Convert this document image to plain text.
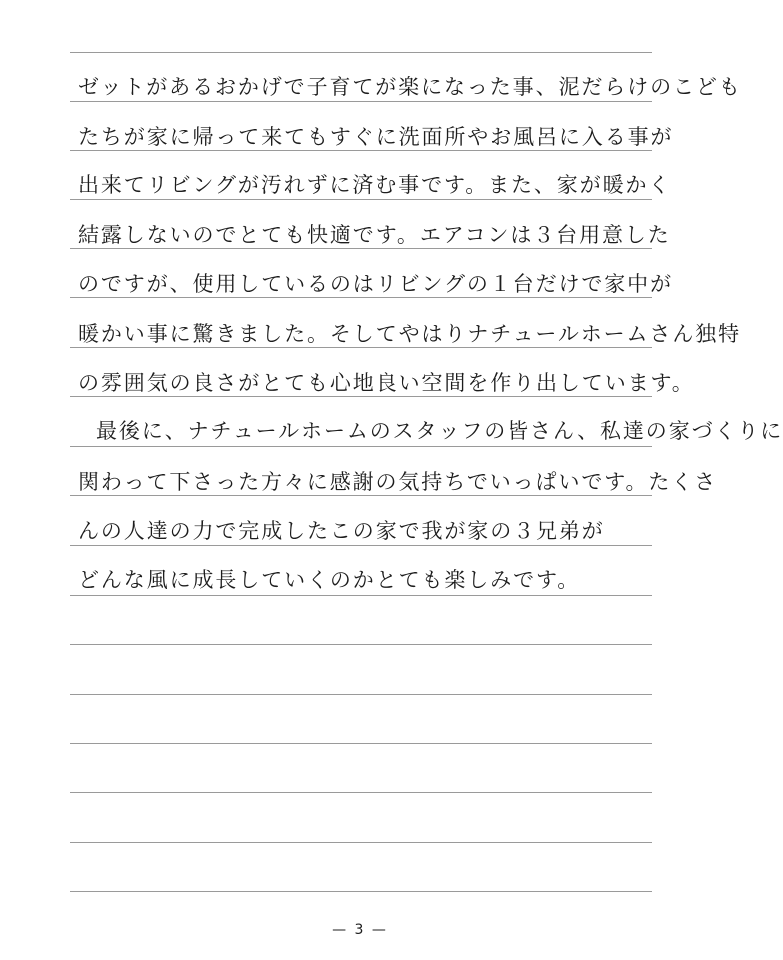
ゼットがあるおかげで子育てが楽になった事、泥だらけのこども
たちが家に帰って来てもすぐに洗面所やお風呂に入る事が
出来てリビングが汚れずに済む事です。また、家が暖かく
結露しないのでとても快適です。エアコンは３台用意した
のですが、使用しているのはリビングの１台だけで家中が
暖かい事に驚きました。そしてやはりナチュールホームさん独特
の雰囲気の良さがとても心地良い空間を作り出しています。
最後に、ナチュールホームのスタッフの皆さん、私達の家づくりに
関わって下さった方々に感謝の気持ちでいっぱいです。たくさ
んの人達の力で完成したこの家で我が家の３兄弟が
どんな風に成長していくのかとても楽しみです。
— 3 —
